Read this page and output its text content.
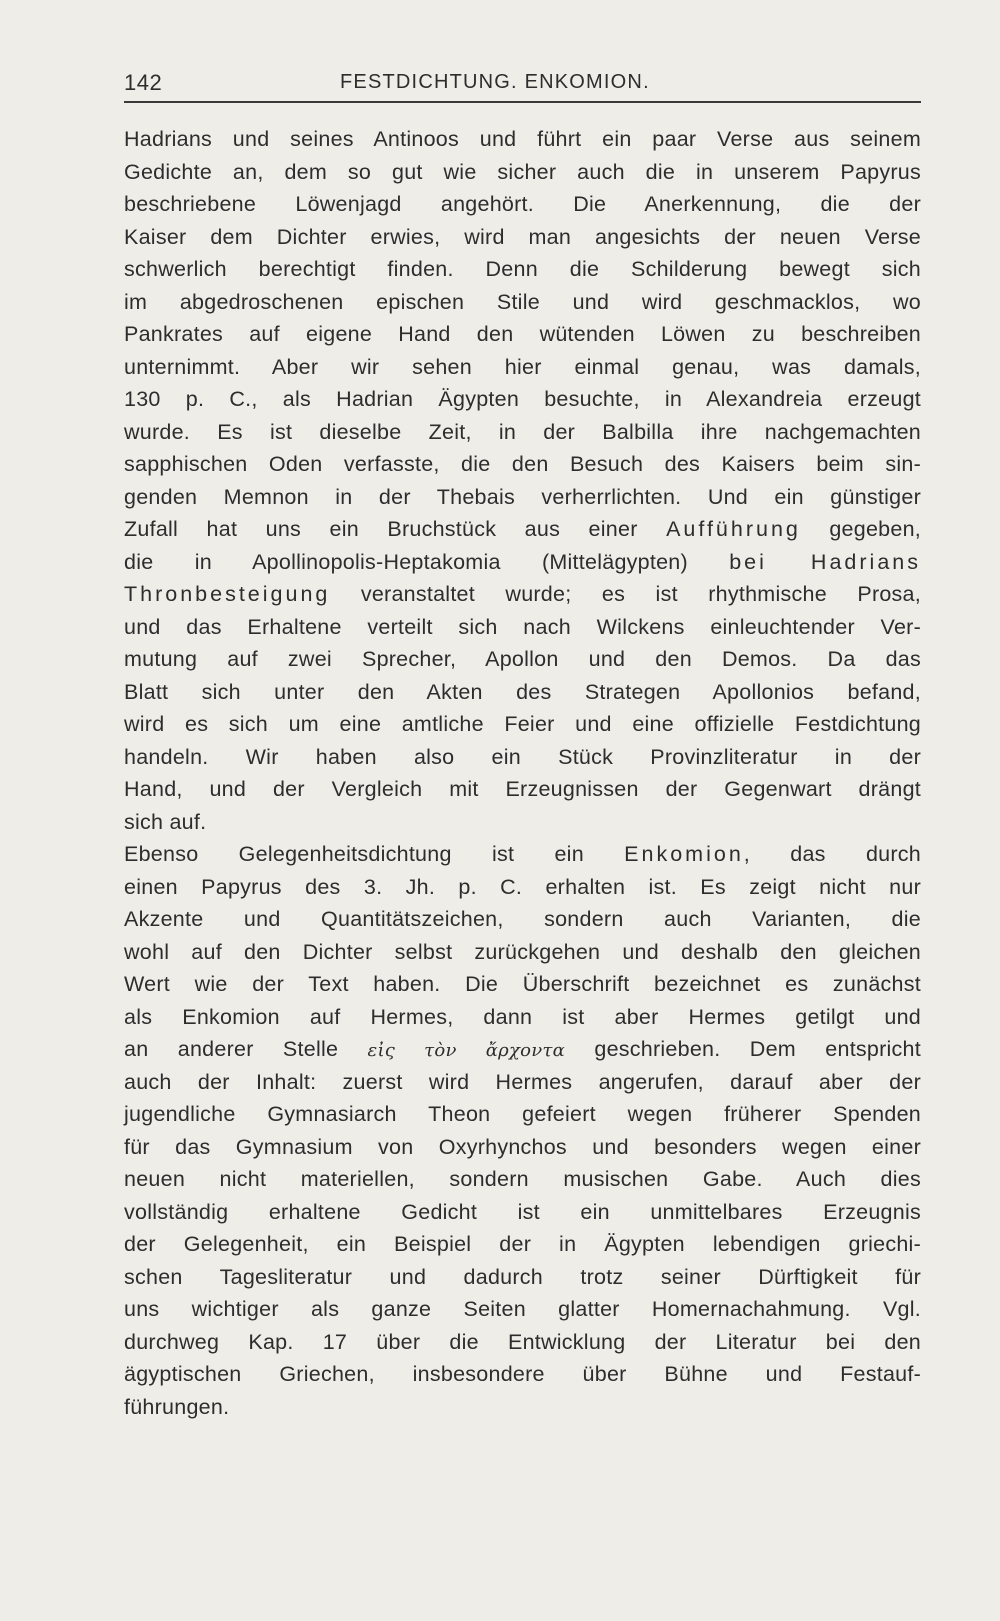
142	FESTDICHTUNG. ENKOMION.
Hadrians und seines Antinoos und führt ein paar Verse aus seinem
Gedichte an, dem so gut wie sicher auch die in unserem Papyrus
beschriebene Löwenjagd angehört. Die Anerkennung, die der
Kaiser dem Dichter erwies, wird man angesichts der neuen Verse
schwerlich berechtigt finden. Denn die Schilderung bewegt sich
im abgedroschenen epischen Stile und wird geschmacklos, wo
Pankrates auf eigene Hand den wütenden Löwen zu beschreiben
unternimmt. Aber wir sehen hier einmal genau, was damals,
130 p. C., als Hadrian Ägypten besuchte, in Alexandreia erzeugt
wurde. Es ist dieselbe Zeit, in der Balbilla ihre nachgemachten
sapphischen Oden verfasste, die den Besuch des Kaisers beim sin-
genden Memnon in der Thebais verherrlichten. Und ein günstiger
Zufall hat uns ein Bruchstück aus einer Aufführung gegeben,
die in Apollinopolis-Heptakomia (Mittelägypten) bei Hadrians
Thronbesteigung veranstaltet wurde; es ist rhythmische Prosa,
und das Erhaltene verteilt sich nach Wilckens einleuchtender Ver-
mutung auf zwei Sprecher, Apollon und den Demos. Da das
Blatt sich unter den Akten des Strategen Apollonios befand,
wird es sich um eine amtliche Feier und eine offizielle Festdichtung
handeln. Wir haben also ein Stück Provinzliteratur in der
Hand, und der Vergleich mit Erzeugnissen der Gegenwart drängt
sich auf.
Ebenso Gelegenheitsdichtung ist ein Enkomion, das durch
einen Papyrus des 3. Jh. p. C. erhalten ist. Es zeigt nicht nur
Akzente und Quantitätszeichen, sondern auch Varianten, die
wohl auf den Dichter selbst zurückgehen und deshalb den gleichen
Wert wie der Text haben. Die Überschrift bezeichnet es zunächst
als Enkomion auf Hermes, dann ist aber Hermes getilgt und
an anderer Stelle εἰς τὸν ἄρχοντα geschrieben. Dem entspricht
auch der Inhalt: zuerst wird Hermes angerufen, darauf aber der
jugendliche Gymnasiarch Theon gefeiert wegen früherer Spenden
für das Gymnasium von Oxyrhynchos und besonders wegen einer
neuen nicht materiellen, sondern musischen Gabe. Auch dies
vollständig erhaltene Gedicht ist ein unmittelbares Erzeugnis
der Gelegenheit, ein Beispiel der in Ägypten lebendigen griechi-
schen Tagesliteratur und dadurch trotz seiner Dürftigkeit für
uns wichtiger als ganze Seiten glatter Homernachahmung. Vgl.
durchweg Kap. 17 über die Entwicklung der Literatur bei den
ägyptischen Griechen, insbesondere über Bühne und Festauf-
führungen.
